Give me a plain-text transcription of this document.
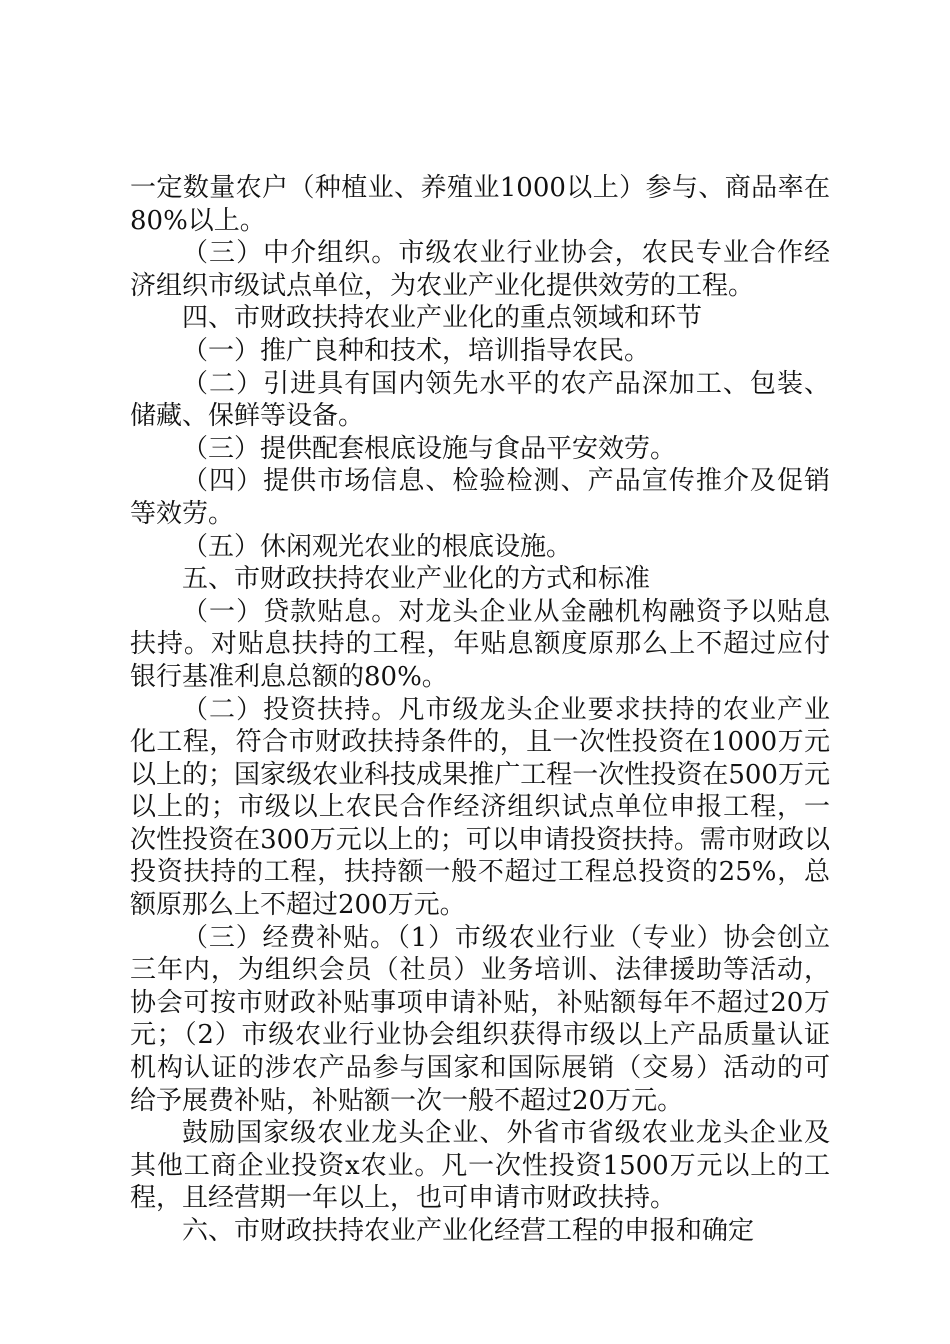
一定数量农户（种植业、养殖业1000以上）参与、商品率在80%以上。

（三）中介组织。市级农业行业协会，农民专业合作经济组织市级试点单位，为农业产业化提供效劳的工程。

四、市财政扶持农业产业化的重点领域和环节

（一）推广良种和技术，培训指导农民。

（二）引进具有国内领先水平的农产品深加工、包装、储藏、保鲜等设备。

（三）提供配套根底设施与食品平安效劳。

（四）提供市场信息、检验检测、产品宣传推介及促销等效劳。

（五）休闲观光农业的根底设施。

五、市财政扶持农业产业化的方式和标准

（一）贷款贴息。对龙头企业从金融机构融资予以贴息扶持。对贴息扶持的工程，年贴息额度原那么上不超过应付银行基准利息总额的80%。

（二）投资扶持。凡市级龙头企业要求扶持的农业产业化工程，符合市财政扶持条件的，且一次性投资在1000万元以上的；国家级农业科技成果推广工程一次性投资在500万元以上的；市级以上农民合作经济组织试点单位申报工程，一次性投资在300万元以上的；可以申请投资扶持。需市财政以投资扶持的工程，扶持额一般不超过工程总投资的25%，总额原那么上不超过200万元。

（三）经费补贴。（1）市级农业行业（专业）协会创立三年内，为组织会员（社员）业务培训、法律援助等活动，协会可按市财政补贴事项申请补贴，补贴额每年不超过20万元；（2）市级农业行业协会组织获得市级以上产品质量认证机构认证的涉农产品参与国家和国际展销（交易）活动的可给予展费补贴，补贴额一次一般不超过20万元。

鼓励国家级农业龙头企业、外省市省级农业龙头企业及其他工商企业投资x农业。凡一次性投资1500万元以上的工程，且经营期一年以上，也可申请市财政扶持。

六、市财政扶持农业产业化经营工程的申报和确定
